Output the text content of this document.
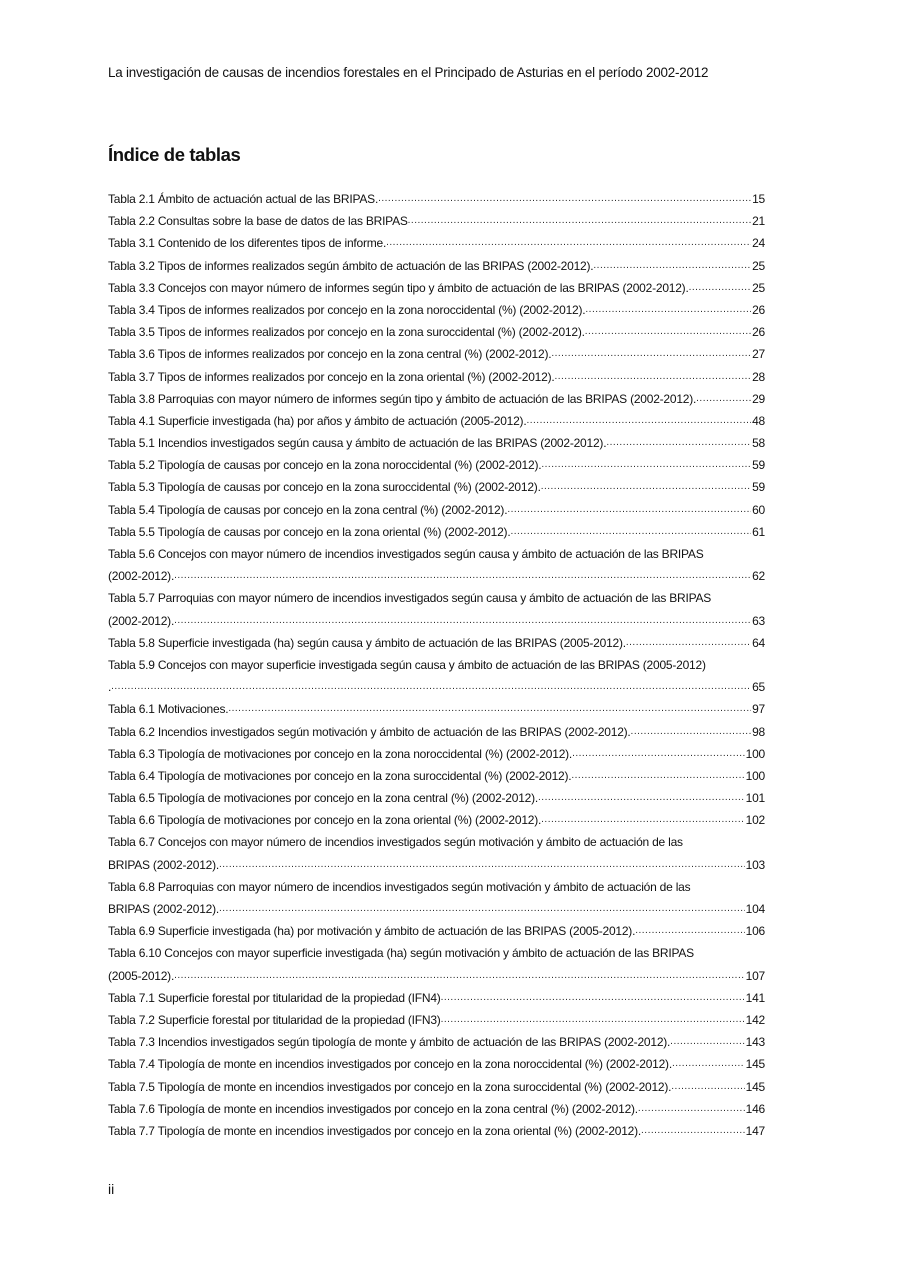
La investigación de causas de incendios forestales en el Principado de Asturias en el período 2002-2012
Índice de tablas
Tabla 2.1 Ámbito de actuación actual de las BRIPAS. .....	15
Tabla 2.2 Consultas sobre la base de datos de las BRIPAS .....	21
Tabla 3.1 Contenido de los diferentes tipos de informe. .....	24
Tabla 3.2 Tipos de informes realizados según ámbito de actuación de las BRIPAS (2002-2012). .....	25
Tabla 3.3 Concejos con mayor número de informes según tipo y ámbito de actuación de las BRIPAS (2002-2012). .....	25
Tabla 3.4 Tipos de informes realizados por concejo en la zona noroccidental (%) (2002-2012). .....	26
Tabla 3.5 Tipos de informes realizados por concejo en la zona suroccidental (%) (2002-2012). .....	26
Tabla 3.6 Tipos de informes realizados por concejo en la zona central (%) (2002-2012). .....	27
Tabla 3.7 Tipos de informes realizados por concejo en la zona oriental (%) (2002-2012). .....	28
Tabla 3.8 Parroquias con mayor número de informes según tipo y ámbito de actuación de las BRIPAS (2002-2012). .....	29
Tabla 4.1 Superficie investigada (ha) por años y ámbito de actuación (2005-2012). .....	48
Tabla 5.1 Incendios investigados según causa y ámbito de actuación de las BRIPAS (2002-2012). .....	58
Tabla 5.2 Tipología de causas por concejo en la zona noroccidental (%) (2002-2012). .....	59
Tabla 5.3 Tipología de causas por concejo en la zona suroccidental (%) (2002-2012). .....	59
Tabla 5.4 Tipología de causas por concejo en la zona central (%) (2002-2012). .....	60
Tabla 5.5 Tipología de causas por concejo en la zona oriental (%) (2002-2012). .....	61
Tabla 5.6 Concejos con mayor número de incendios investigados según causa y ámbito de actuación de las BRIPAS
(2002-2012). .....	62
Tabla 5.7 Parroquias con mayor número de incendios investigados según causa y ámbito de actuación de las BRIPAS
(2002-2012). .....	63
Tabla 5.8 Superficie investigada (ha) según causa y ámbito de actuación de las BRIPAS (2005-2012). .....	64
Tabla 5.9 Concejos con mayor superficie investigada según causa y ámbito de actuación de las BRIPAS (2005-2012)
. .....	65
Tabla 6.1 Motivaciones. .....	97
Tabla 6.2 Incendios investigados según motivación y ámbito de actuación de las BRIPAS (2002-2012). .....	98
Tabla 6.3 Tipología de motivaciones por concejo en la zona noroccidental (%) (2002-2012). .....	100
Tabla 6.4 Tipología de motivaciones por concejo en la zona suroccidental (%) (2002-2012). .....	100
Tabla 6.5 Tipología de motivaciones por concejo en la zona central (%) (2002-2012). .....	101
Tabla 6.6 Tipología de motivaciones por concejo en la zona oriental (%) (2002-2012). .....	102
Tabla 6.7 Concejos con mayor número de incendios investigados según motivación y ámbito de actuación de las
BRIPAS (2002-2012). .....	103
Tabla 6.8 Parroquias con mayor número de incendios investigados según motivación y ámbito de actuación de las
BRIPAS (2002-2012). .....	104
Tabla 6.9 Superficie investigada (ha) por motivación y ámbito de actuación de las BRIPAS (2005-2012). .....	106
Tabla 6.10 Concejos con mayor superficie investigada (ha) según motivación y ámbito de actuación de las BRIPAS
(2005-2012). .....	107
Tabla 7.1 Superficie forestal por titularidad de la propiedad (IFN4) .....	141
Tabla 7.2 Superficie forestal por titularidad de la propiedad (IFN3) .....	142
Tabla 7.3 Incendios investigados según tipología de monte y ámbito de actuación de las BRIPAS (2002-2012). .....	143
Tabla 7.4 Tipología de monte en incendios investigados por concejo en la zona noroccidental (%) (2002-2012). .....	145
Tabla 7.5 Tipología de monte en incendios investigados por concejo en la zona suroccidental (%) (2002-2012). .....	145
Tabla 7.6 Tipología de monte en incendios investigados por concejo en la zona central (%) (2002-2012). .....	146
Tabla 7.7 Tipología de monte en incendios investigados por concejo en la zona oriental (%) (2002-2012). .....	147
ii
